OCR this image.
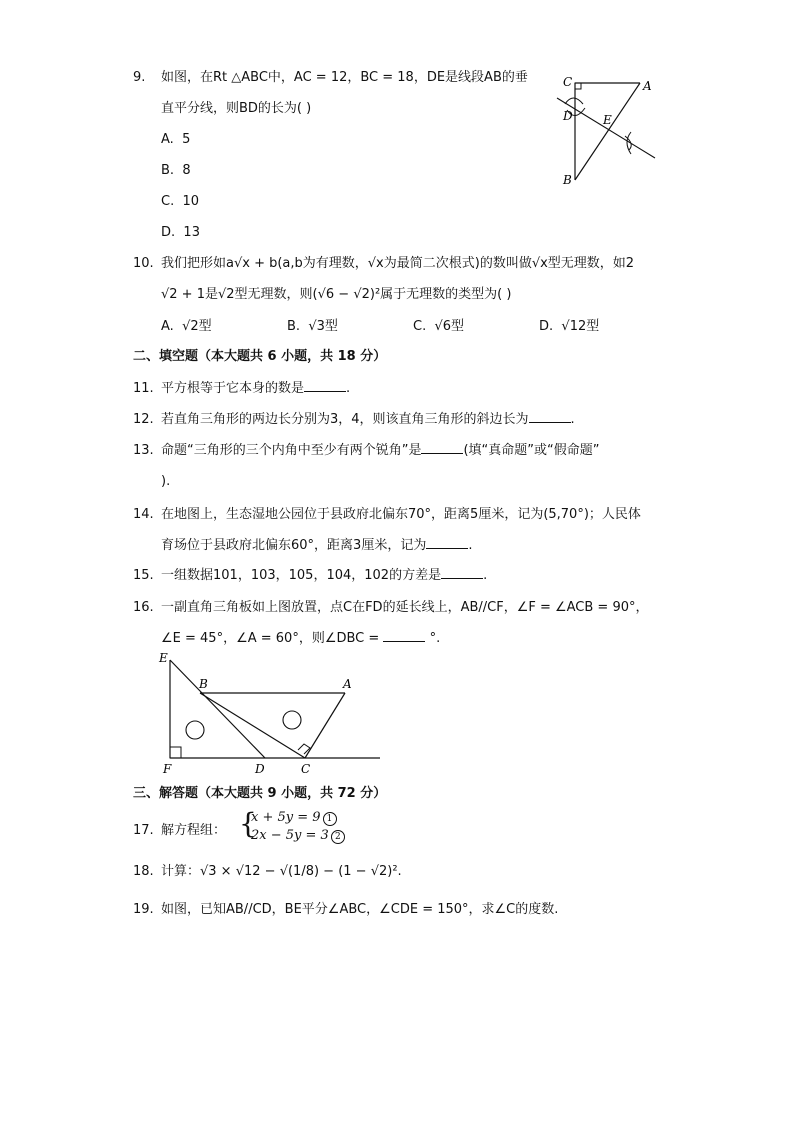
9. 如图，在Rt △ABC中，AC = 12，BC = 18，DE是线段AB的垂
直平分线，则BD的长为( )
A. 5
B. 8
C. 10
D. 13
C	A
D	E
B
10. 我们把形如a√x + b(a,b为有理数，√x为最简二次根式)的数叫做√x型无理数，如2
√2 + 1是√2型无理数，则(√6 − √2)²属于无理数的类型为( )
A. √2型	B. √3型	C. √6型	D. √12型
二、填空题（本大题共 6 小题，共 18 分）
11. 平方根等于它本身的数是	.
12. 若直角三角形的两边长分别为3，4，则该直角三角形的斜边长为	.
13. 命题“三角形的三个内角中至少有两个锐角”是	(填“真命题”或“假命题”
).
14. 在地图上，生态湿地公园位于县政府北偏东70°，距离5厘米，记为(5,70°)；人民体
育场位于县政府北偏东60°，距离3厘米，记为	.
15. 一组数据101，103，105，104，102的方差是	.
16. 一副直角三角板如上图放置，点C在FD的延长线上，AB//CF，∠F = ∠ACB = 90°，
∠E = 45°，∠A = 60°，则∠DBC =	°.
E
B	A
F	D	C
三、解答题（本大题共 9 小题，共 72 分）
17. 解方程组： {
x + 5y = 9 1
2x − 5y = 3 2
18. 计算：√3 × √12 − √(1/8) − (1 − √2)².
19. 如图，已知AB//CD，BE平分∠ABC，∠CDE = 150°，求∠C的度数.
